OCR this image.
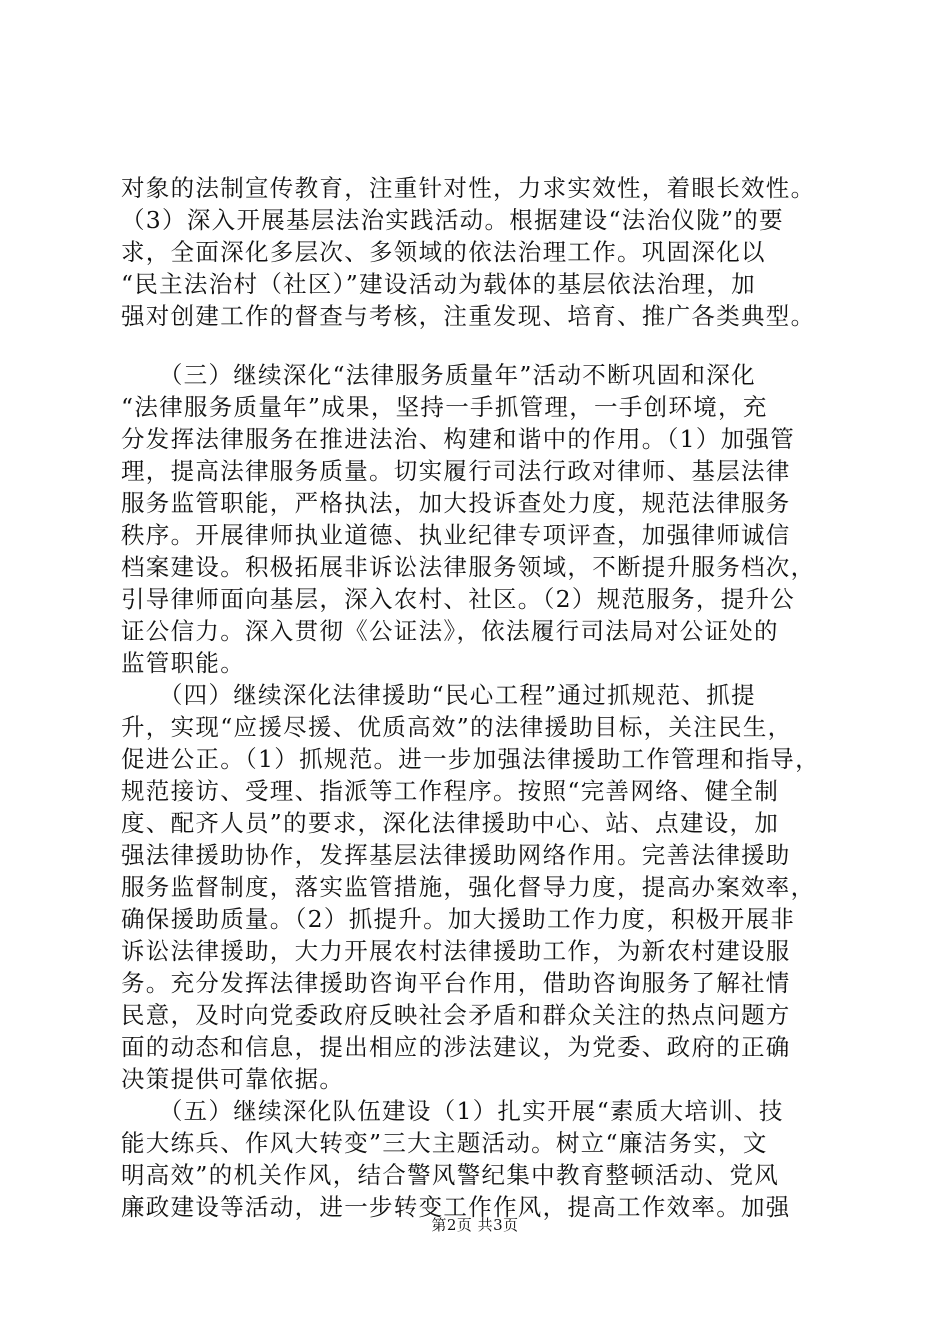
对象的法制宣传教育，注重针对性，力求实效性，着眼长效性。
（3）深入开展基层法治实践活动。根据建设“法治仪陇”的要
求，全面深化多层次、多领域的依法治理工作。巩固深化以
“民主法治村（社区）”建设活动为载体的基层依法治理，加
强对创建工作的督查与考核，注重发现、培育、推广各类典型。
　　（三）继续深化“法律服务质量年”活动不断巩固和深化
“法律服务质量年”成果，坚持一手抓管理，一手创环境，充
分发挥法律服务在推进法治、构建和谐中的作用。（1）加强管
理，提高法律服务质量。切实履行司法行政对律师、基层法律
服务监管职能，严格执法，加大投诉查处力度，规范法律服务
秩序。开展律师执业道德、执业纪律专项评查，加强律师诚信
档案建设。积极拓展非诉讼法律服务领域，不断提升服务档次，
引导律师面向基层，深入农村、社区。（2）规范服务，提升公
证公信力。深入贯彻《公证法》，依法履行司法局对公证处的
监管职能。
　　（四）继续深化法律援助“民心工程”通过抓规范、抓提
升，实现“应援尽援、优质高效”的法律援助目标，关注民生，
促进公正。（1）抓规范。进一步加强法律援助工作管理和指导，
规范接访、受理、指派等工作程序。按照“完善网络、健全制
度、配齐人员”的要求，深化法律援助中心、站、点建设，加
强法律援助协作，发挥基层法律援助网络作用。完善法律援助
服务监督制度，落实监管措施，强化督导力度，提高办案效率，
确保援助质量。（2）抓提升。加大援助工作力度，积极开展非
诉讼法律援助，大力开展农村法律援助工作，为新农村建设服
务。充分发挥法律援助咨询平台作用，借助咨询服务了解社情
民意，及时向党委政府反映社会矛盾和群众关注的热点问题方
面的动态和信息，提出相应的涉法建议，为党委、政府的正确
决策提供可靠依据。
　　（五）继续深化队伍建设（1）扎实开展“素质大培训、技
能大练兵、作风大转变”三大主题活动。树立“廉洁务实，文
明高效”的机关作风，结合警风警纪集中教育整顿活动、党风
廉政建设等活动，进一步转变工作作风，提高工作效率。加强
第2页 共3页
